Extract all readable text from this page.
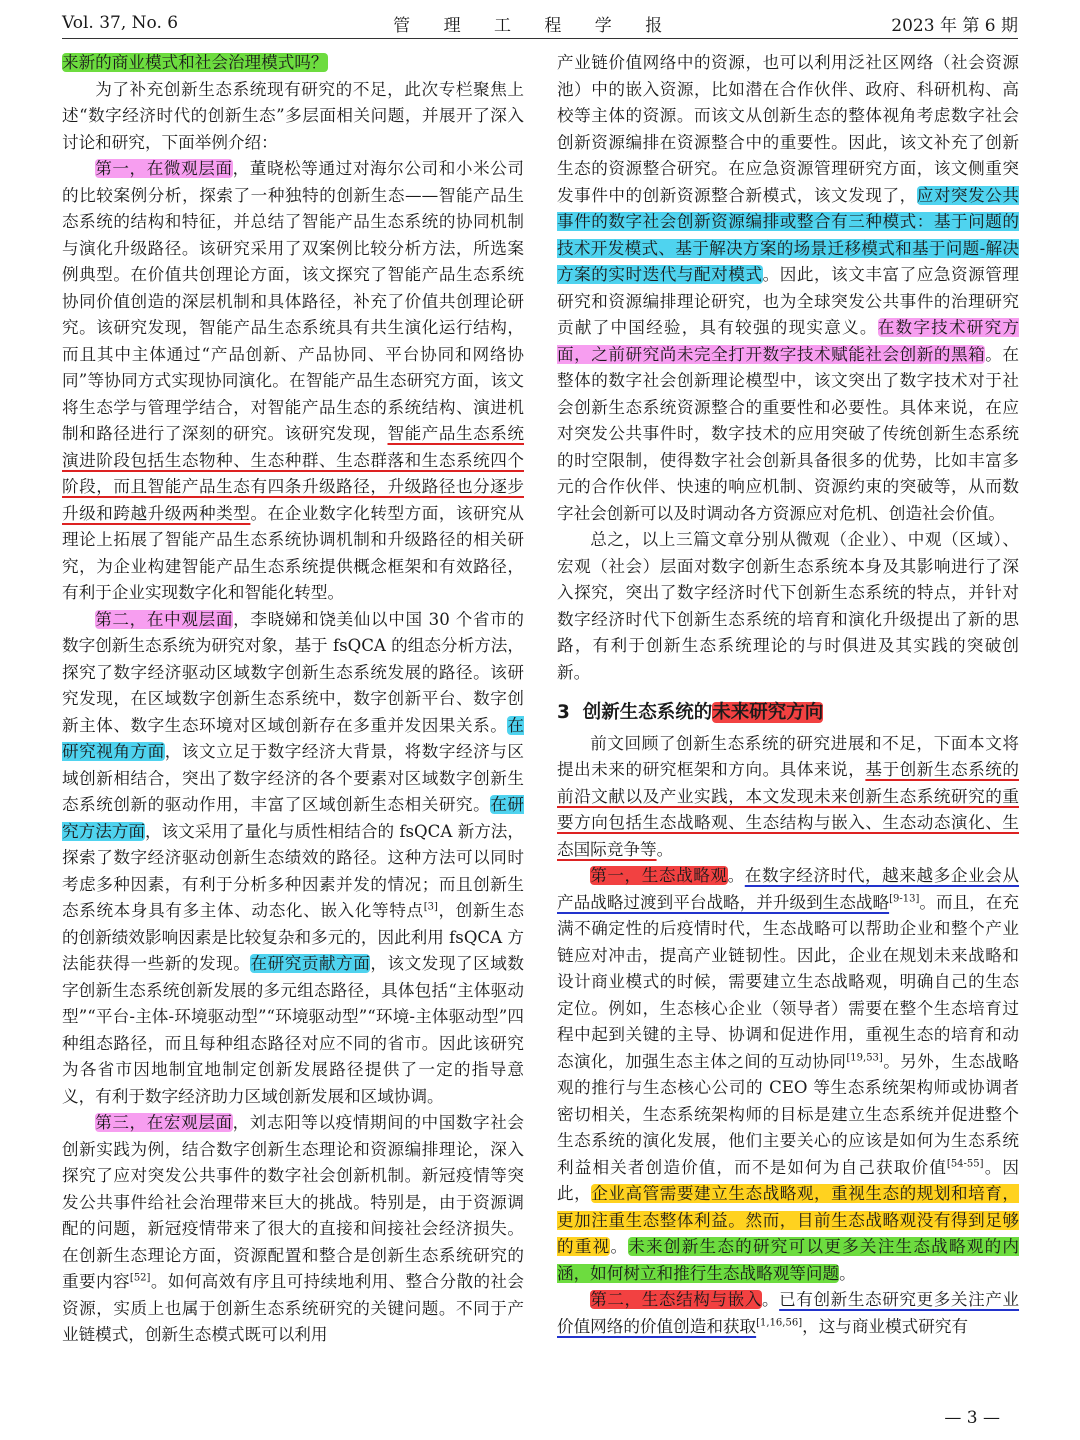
Vol. 37, No. 6	管 理 工 程 学 报	2023 年 第 6 期

来新的商业模式和社会治理模式吗？

为了补充创新生态系统现有研究的不足，此次专栏聚焦上述“数字经济时代的创新生态”多层面相关问题，并展开了深入讨论和研究，下面举例介绍：

第一，在微观层面，董晓松等通过对海尔公司和小米公司的比较案例分析，探索了一种独特的创新生态——智能产品生态系统的结构和特征，并总结了智能产品生态系统的协同机制与演化升级路径。该研究采用了双案例比较分析方法，所选案例典型。在价值共创理论方面，该文探究了智能产品生态系统协同价值创造的深层机制和具体路径，补充了价值共创理论研究。该研究发现，智能产品生态系统具有共生演化运行结构，而且其中主体通过“产品创新、产品协同、平台协同和网络协同”等协同方式实现协同演化。在智能产品生态研究方面，该文将生态学与管理学结合，对智能产品生态的系统结构、演进机制和路径进行了深刻的研究。该研究发现，智能产品生态系统演进阶段包括生态物种、生态种群、生态群落和生态系统四个阶段，而且智能产品生态有四条升级路径，升级路径也分逐步升级和跨越升级两种类型。在企业数字化转型方面，该研究从理论上拓展了智能产品生态系统协调机制和升级路径的相关研究，为企业构建智能产品生态系统提供概念框架和有效路径，有利于企业实现数字化和智能化转型。

第二，在中观层面，李晓娣和饶美仙以中国 30 个省市的数字创新生态系统为研究对象，基于 fsQCA 的组态分析方法，探究了数字经济驱动区域数字创新生态系统发展的路径。该研究发现，在区域数字创新生态系统中，数字创新平台、数字创新主体、数字生态环境对区域创新存在多重并发因果关系。在研究视角方面，该文立足于数字经济大背景，将数字经济与区域创新相结合，突出了数字经济的各个要素对区域数字创新生态系统创新的驱动作用，丰富了区域创新生态相关研究。在研究方法方面，该文采用了量化与质性相结合的 fsQCA 新方法，探索了数字经济驱动创新生态绩效的路径。这种方法可以同时考虑多种因素，有利于分析多种因素并发的情况；而且创新生态系统本身具有多主体、动态化、嵌入化等特点[3]，创新生态的创新绩效影响因素是比较复杂和多元的，因此利用 fsQCA 方法能获得一些新的发现。在研究贡献方面，该文发现了区域数字创新生态系统创新发展的多元组态路径，具体包括“主体驱动型”“平台-主体-环境驱动型”“环境驱动型”“环境-主体驱动型”四种组态路径，而且每种组态路径对应不同的省市。因此该研究为各省市因地制宜地制定创新发展路径提供了一定的指导意义，有利于数字经济助力区域创新发展和区域协调。

第三，在宏观层面，刘志阳等以疫情期间的中国数字社会创新实践为例，结合数字创新生态理论和资源编排理论，深入探究了应对突发公共事件的数字社会创新机制。新冠疫情等突发公共事件给社会治理带来巨大的挑战。特别是，由于资源调配的问题，新冠疫情带来了很大的直接和间接社会经济损失。在创新生态理论方面，资源配置和整合是创新生态系统研究的重要内容[52]。如何高效有序且可持续地利用、整合分散的社会资源，实质上也属于创新生态系统研究的关键问题。不同于产业链模式，创新生态模式既可以利用

产业链价值网络中的资源，也可以利用泛社区网络（社会资源池）中的嵌入资源，比如潜在合作伙伴、政府、科研机构、高校等主体的资源。而该文从创新生态的整体视角考虑数字社会创新资源编排在资源整合中的重要性。因此，该文补充了创新生态的资源整合研究。在应急资源管理研究方面，该文侧重突发事件中的创新资源整合新模式，该文发现了，应对突发公共事件的数字社会创新资源编排或整合有三种模式：基于问题的技术开发模式、基于解决方案的场景迁移模式和基于问题-解决方案的实时迭代与配对模式。因此，该文丰富了应急资源管理研究和资源编排理论研究，也为全球突发公共事件的治理研究贡献了中国经验，具有较强的现实意义。在数字技术研究方面，之前研究尚未完全打开数字技术赋能社会创新的黑箱。在整体的数字社会创新理论模型中，该文突出了数字技术对于社会创新生态系统资源整合的重要性和必要性。具体来说，在应对突发公共事件时，数字技术的应用突破了传统创新生态系统的时空限制，使得数字社会创新具备很多的优势，比如丰富多元的合作伙伴、快速的响应机制、资源约束的突破等，从而数字社会创新可以及时调动各方资源应对危机、创造社会价值。

总之，以上三篇文章分别从微观（企业）、中观（区域）、宏观（社会）层面对数字创新生态系统本身及其影响进行了深入探究，突出了数字经济时代下创新生态系统的特点，并针对数字经济时代下创新生态系统的培育和演化升级提出了新的思路，有利于创新生态系统理论的与时俱进及其实践的突破创新。

3 创新生态系统的未来研究方向

前文回顾了创新生态系统的研究进展和不足，下面本文将提出未来的研究框架和方向。具体来说，基于创新生态系统的前沿文献以及产业实践，本文发现未来创新生态系统研究的重要方向包括生态战略观、生态结构与嵌入、生态动态演化、生态国际竞争等。

第一，生态战略观。在数字经济时代，越来越多企业会从产品战略过渡到平台战略，并升级到生态战略[9-13]。而且，在充满不确定性的后疫情时代，生态战略可以帮助企业和整个产业链应对冲击，提高产业链韧性。因此，企业在规划未来战略和设计商业模式的时候，需要建立生态战略观，明确自己的生态定位。例如，生态核心企业（领导者）需要在整个生态培育过程中起到关键的主导、协调和促进作用，重视生态的培育和动态演化，加强生态主体之间的互动协同[19,53]。另外，生态战略观的推行与生态核心公司的 CEO 等生态系统架构师或协调者密切相关，生态系统架构师的目标是建立生态系统并促进整个生态系统的演化发展，他们主要关心的应该是如何为生态系统利益相关者创造价值，而不是如何为自己获取价值[54-55]。因此，企业高管需要建立生态战略观，重视生态的规划和培育，更加注重生态整体利益。然而，目前生态战略观没有得到足够的重视。未来创新生态的研究可以更多关注生态战略观的内涵，如何树立和推行生态战略观等问题。

第二，生态结构与嵌入。已有创新生态研究更多关注产业价值网络的价值创造和获取[1,16,56]，这与商业模式研究有

— 3 —
